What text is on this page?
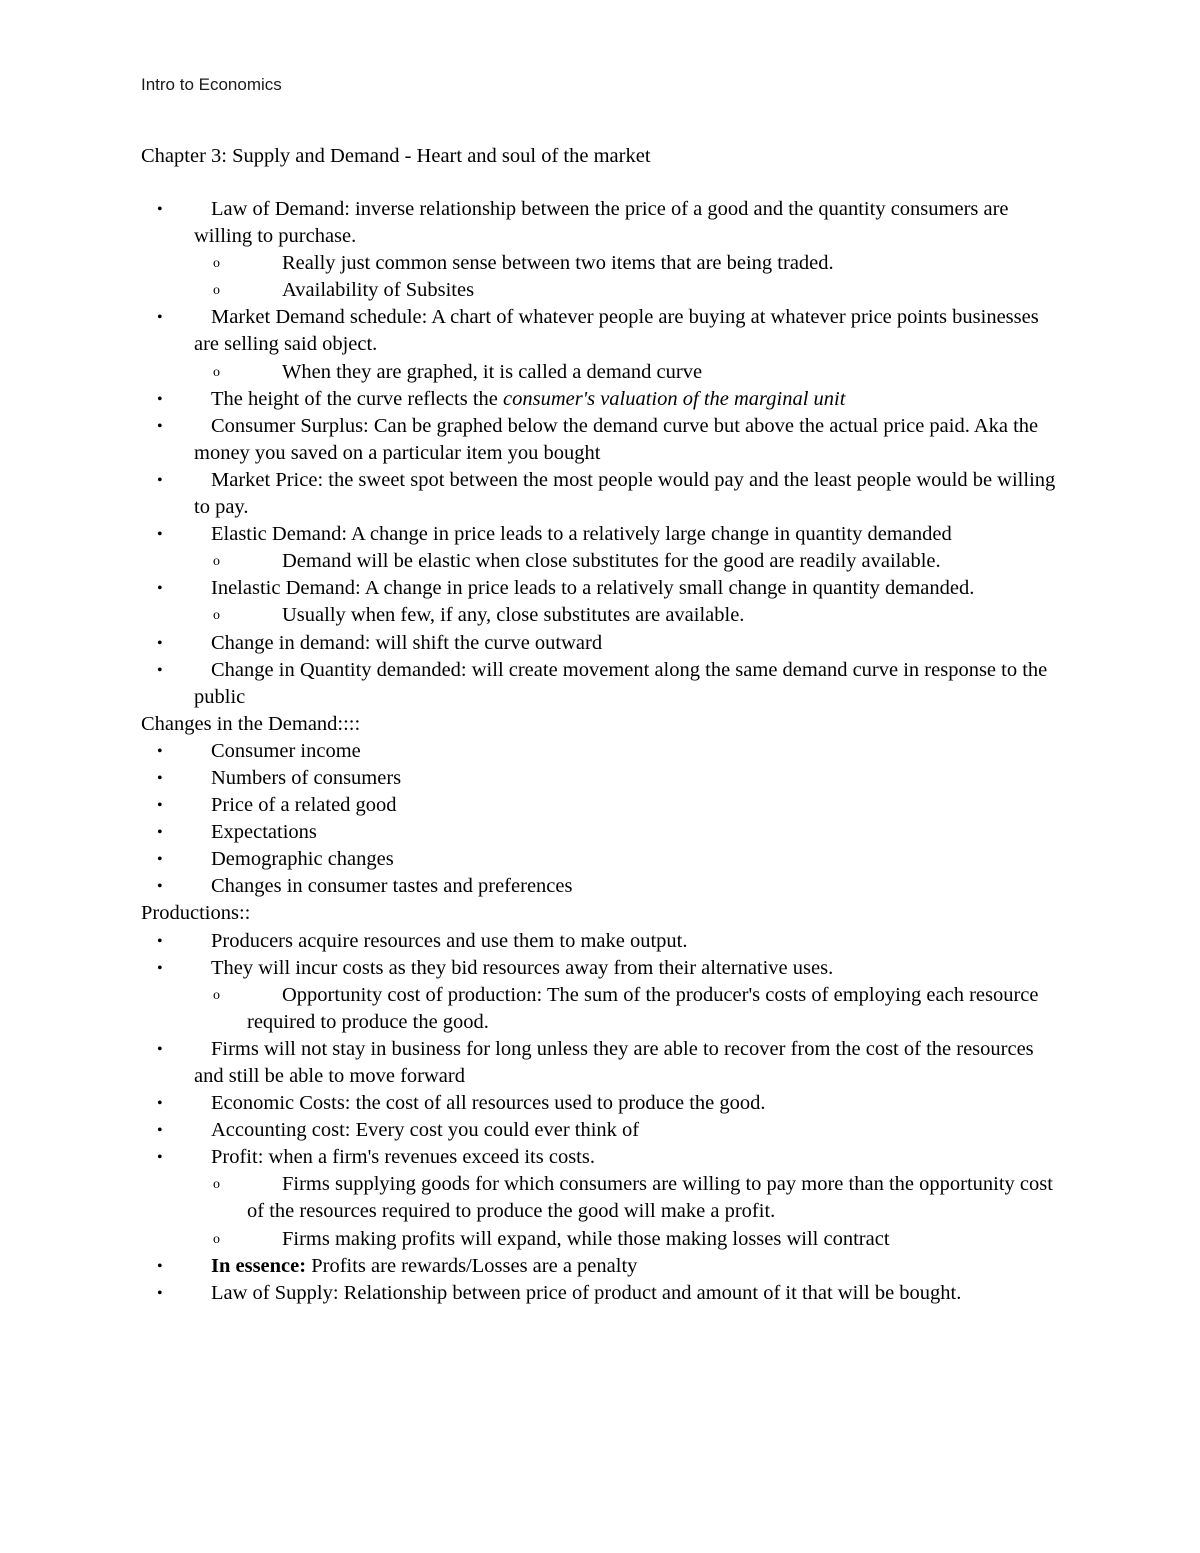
Intro to Economics
Chapter 3: Supply and Demand - Heart and soul of the market
• Law of Demand: inverse relationship between the price of a good and the quantity consumers are willing to purchase.
o	Really just common sense between two items that are being traded.
o	Availability of Subsites
• Market Demand schedule: A chart of whatever people are buying at whatever price points businesses are selling said object.
o	When they are graphed, it is called a demand curve
• The height of the curve reflects the consumer's valuation of the marginal unit
• Consumer Surplus: Can be graphed below the demand curve but above the actual price paid. Aka the money you saved on a particular item you bought
• Market Price: the sweet spot between the most people would pay and the least people would be willing to pay.
• Elastic Demand: A change in price leads to a relatively large change in quantity demanded
o	Demand will be elastic when close substitutes for the good are readily available.
• Inelastic Demand: A change in price leads to a relatively small change in quantity demanded.
o	Usually when few, if any, close substitutes are available.
• Change in demand: will shift the curve outward
• Change in Quantity demanded: will create movement along the same demand curve in response to the public
Changes in the Demand::::
• Consumer income
• Numbers of consumers
• Price of a related good
• Expectations
• Demographic changes
• Changes in consumer tastes and preferences
Productions::
• Producers acquire resources and use them to make output.
• They will incur costs as they bid resources away from their alternative uses.
o	Opportunity cost of production: The sum of the producer's costs of employing each resource required to produce the good.
• Firms will not stay in business for long unless they are able to recover from the cost of the resources and still be able to move forward
• Economic Costs: the cost of all resources used to produce the good.
• Accounting cost: Every cost you could ever think of
• Profit: when a firm's revenues exceed its costs.
o	Firms supplying goods for which consumers are willing to pay more than the opportunity cost of the resources required to produce the good will make a profit.
o	Firms making profits will expand, while those making losses will contract
• In essence: Profits are rewards/Losses are a penalty
• Law of Supply: Relationship between price of product and amount of it that will be bought.
